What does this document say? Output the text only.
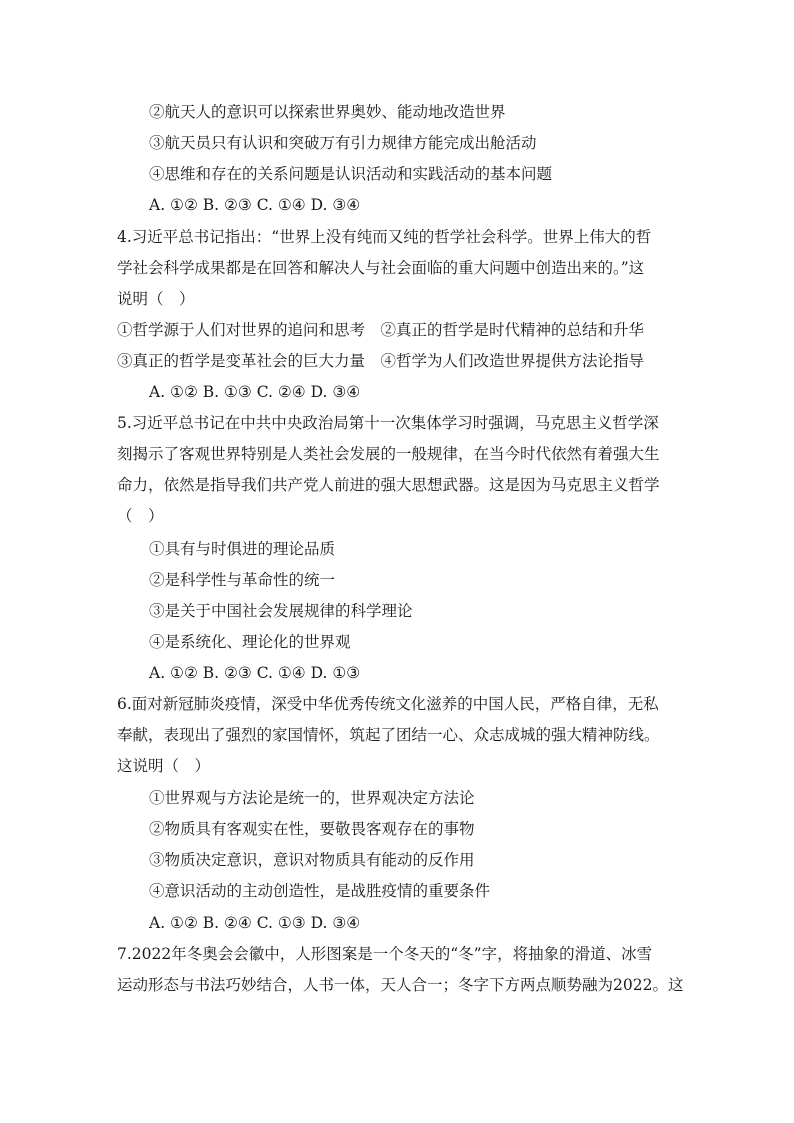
②航天人的意识可以探索世界奥妙、能动地改造世界
③航天员只有认识和突破万有引力规律方能完成出舱活动
④思维和存在的关系问题是认识活动和实践活动的基本问题
A. ①② B. ②③ C. ①④ D. ③④
4.习近平总书记指出：“世界上没有纯而又纯的哲学社会科学。世界上伟大的哲
学社会科学成果都是在回答和解决人与社会面临的重大问题中创造出来的。”这
说明（　）
①哲学源于人们对世界的追问和思考　②真正的哲学是时代精神的总结和升华
③真正的哲学是变革社会的巨大力量　④哲学为人们改造世界提供方法论指导
A. ①② B. ①③ C. ②④ D. ③④
5.习近平总书记在中共中央政治局第十一次集体学习时强调，马克思主义哲学深
刻揭示了客观世界特别是人类社会发展的一般规律，在当今时代依然有着强大生
命力，依然是指导我们共产党人前进的强大思想武器。这是因为马克思主义哲学
（　）
①具有与时俱进的理论品质
②是科学性与革命性的统一
③是关于中国社会发展规律的科学理论
④是系统化、理论化的世界观
A. ①② B. ②③ C. ①④ D. ①③
6.面对新冠肺炎疫情，深受中华优秀传统文化滋养的中国人民，严格自律，无私
奉献，表现出了强烈的家国情怀，筑起了团结一心、众志成城的强大精神防线。
这说明（　）
①世界观与方法论是统一的，世界观决定方法论
②物质具有客观实在性，要敬畏客观存在的事物
③物质决定意识，意识对物质具有能动的反作用
④意识活动的主动创造性，是战胜疫情的重要条件
A. ①② B. ②④ C. ①③ D. ③④
7.2022年冬奥会会徽中，人形图案是一个冬天的“冬”字，将抽象的滑道、冰雪
运动形态与书法巧妙结合，人书一体，天人合一；冬字下方两点顺势融为2022。这
